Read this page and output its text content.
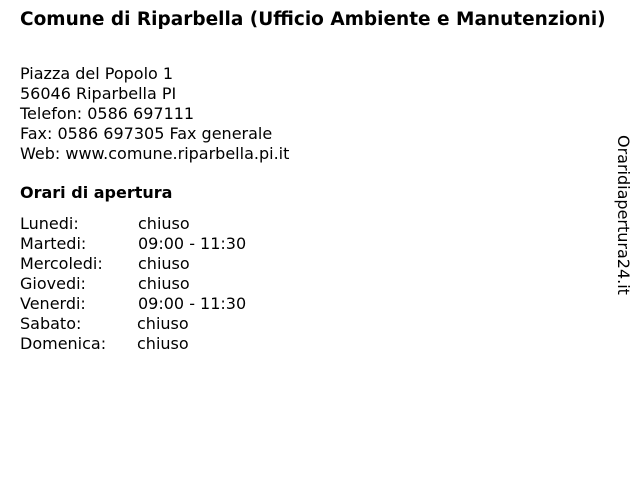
Comune di Riparbella (Ufficio Ambiente e Manutenzioni)
Piazza del Popolo 1
56046 Riparbella PI
Telefon: 0586 697111
Fax: 0586 697305 Fax generale
Web: www.comune.riparbella.pi.it
Orari di apertura
Lunedi:	chiuso
Martedi:	09:00 - 11:30
Mercoledi: chiuso
Giovedi:	chiuso
Venerdi:	09:00 - 11:30
Sabato:	chiuso
Domenica: chiuso
Oraridiapertura24.it
